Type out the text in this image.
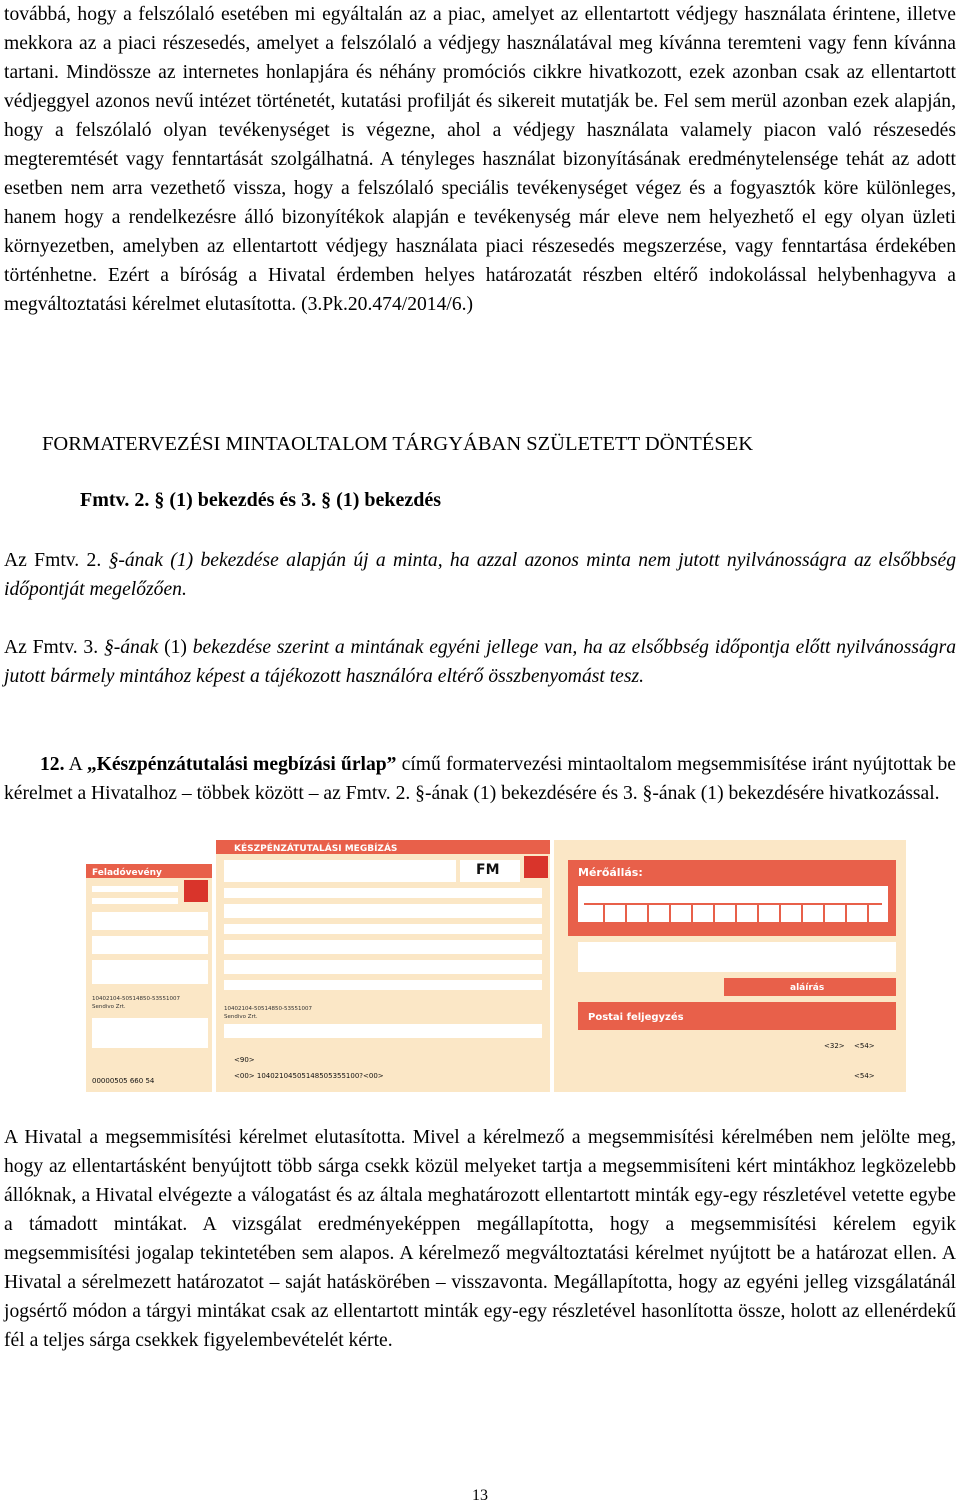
továbbá, hogy a felszólaló esetében mi egyáltalán az a piac, amelyet az ellentartott védjegy használata érintene, illetve mekkora az a piaci részesedés, amelyet a felszólaló a védjegy használatával meg kívánna teremteni vagy fenn kívánna tartani. Mindössze az internetes honlapjára és néhány promóciós cikkre hivatkozott, ezek azonban csak az ellentartott védjeggyel azonos nevű intézet történetét, kutatási profilját és sikereit mutatják be. Fel sem merül azonban ezek alapján, hogy a felszólaló olyan tevékenységet is végezne, ahol a védjegy használata valamely piacon való részesedés megteremtését vagy fenntartását szolgálhatná. A tényleges használat bizonyításának eredménytelensége tehát az adott esetben nem arra vezethető vissza, hogy a felszólaló speciális tevékenységet végez és a fogyasztók köre különleges, hanem hogy a rendelkezésre álló bizonyítékok alapján e tevékenység már eleve nem helyezhető el egy olyan üzleti környezetben, amelyben az ellentartott védjegy használata piaci részesedés megszerzése, vagy fenntartása érdekében történhetne. Ezért a bíróság a Hivatal érdemben helyes határozatát részben eltérő indokolással helybenhagyva a megváltoztatási kérelmet elutasította. (3.Pk.20.474/2014/6.)

FORMATERVEZÉSI MINTAOLTALOM TÁRGYÁBAN SZÜLETETT DÖNTÉSEK
Fmtv. 2. § (1) bekezdés és 3. § (1) bekezdés

Az Fmtv. 2. §-ának (1) bekezdése alapján új a minta, ha azzal azonos minta nem jutott nyilvánosságra az elsőbbség időpontját megelőzően.

Az Fmtv. 3. §-ának (1) bekezdése szerint a mintának egyéni jellege van, ha az elsőbbség időpontja előtt nyilvánosságra jutott bármely mintához képest a tájékozott használóra eltérő összbenyomást tesz.

12. A „Készpénzátutalási megbízási űrlap” című formatervezési mintaoltalom megsemmisítése iránt nyújtottak be kérelmet a Hivatalhoz – többek között – az Fmtv. 2. §-ának (1) bekezdésére és 3. §-ának (1) bekezdésére hivatkozással.

A Hivatal a megsemmisítési kérelmet elutasította. Mivel a kérelmező a megsemmisítési kérelmében nem jelölte meg, hogy az ellentartásként benyújtott több sárga csekk közül melyeket tartja a megsemmisíteni kért mintákhoz legközelebb állóknak, a Hivatal elvégezte a válogatást és az általa meghatározott ellentartott minták egy-egy részletével vetette egybe a támadott mintákat. A vizsgálat eredményeképpen megállapította, hogy a megsemmisítési kérelem egyik megsemmisítési jogalap tekintetében sem alapos. A kérelmező megváltoztatási kérelmet nyújtott be a határozat ellen. A Hivatal a sérelmezett határozatot – saját hatáskörében – visszavonta. Megállapította, hogy az egyéni jelleg vizsgálatánál jogsértő módon a tárgyi mintákat csak az ellentartott minták egy-egy részletével hasonlította össze, holott az ellenérdekű fél a teljes sárga csekkek figyelembevételét kérte.

Feladóvevény
10402104-50514850-53551007
Sendivo Zrt.
00000505 660 54
KÉSZPÉNZÁTUTALÁSI MEGBÍZÁS
FM
10402104-50514850-53551007
Sendivo Zrt.
<90>
Mérőállás:
aláírás
Postai feljegyzés
<32> <54>
<00> 10402104505148505355100?<00>	<54>
13
